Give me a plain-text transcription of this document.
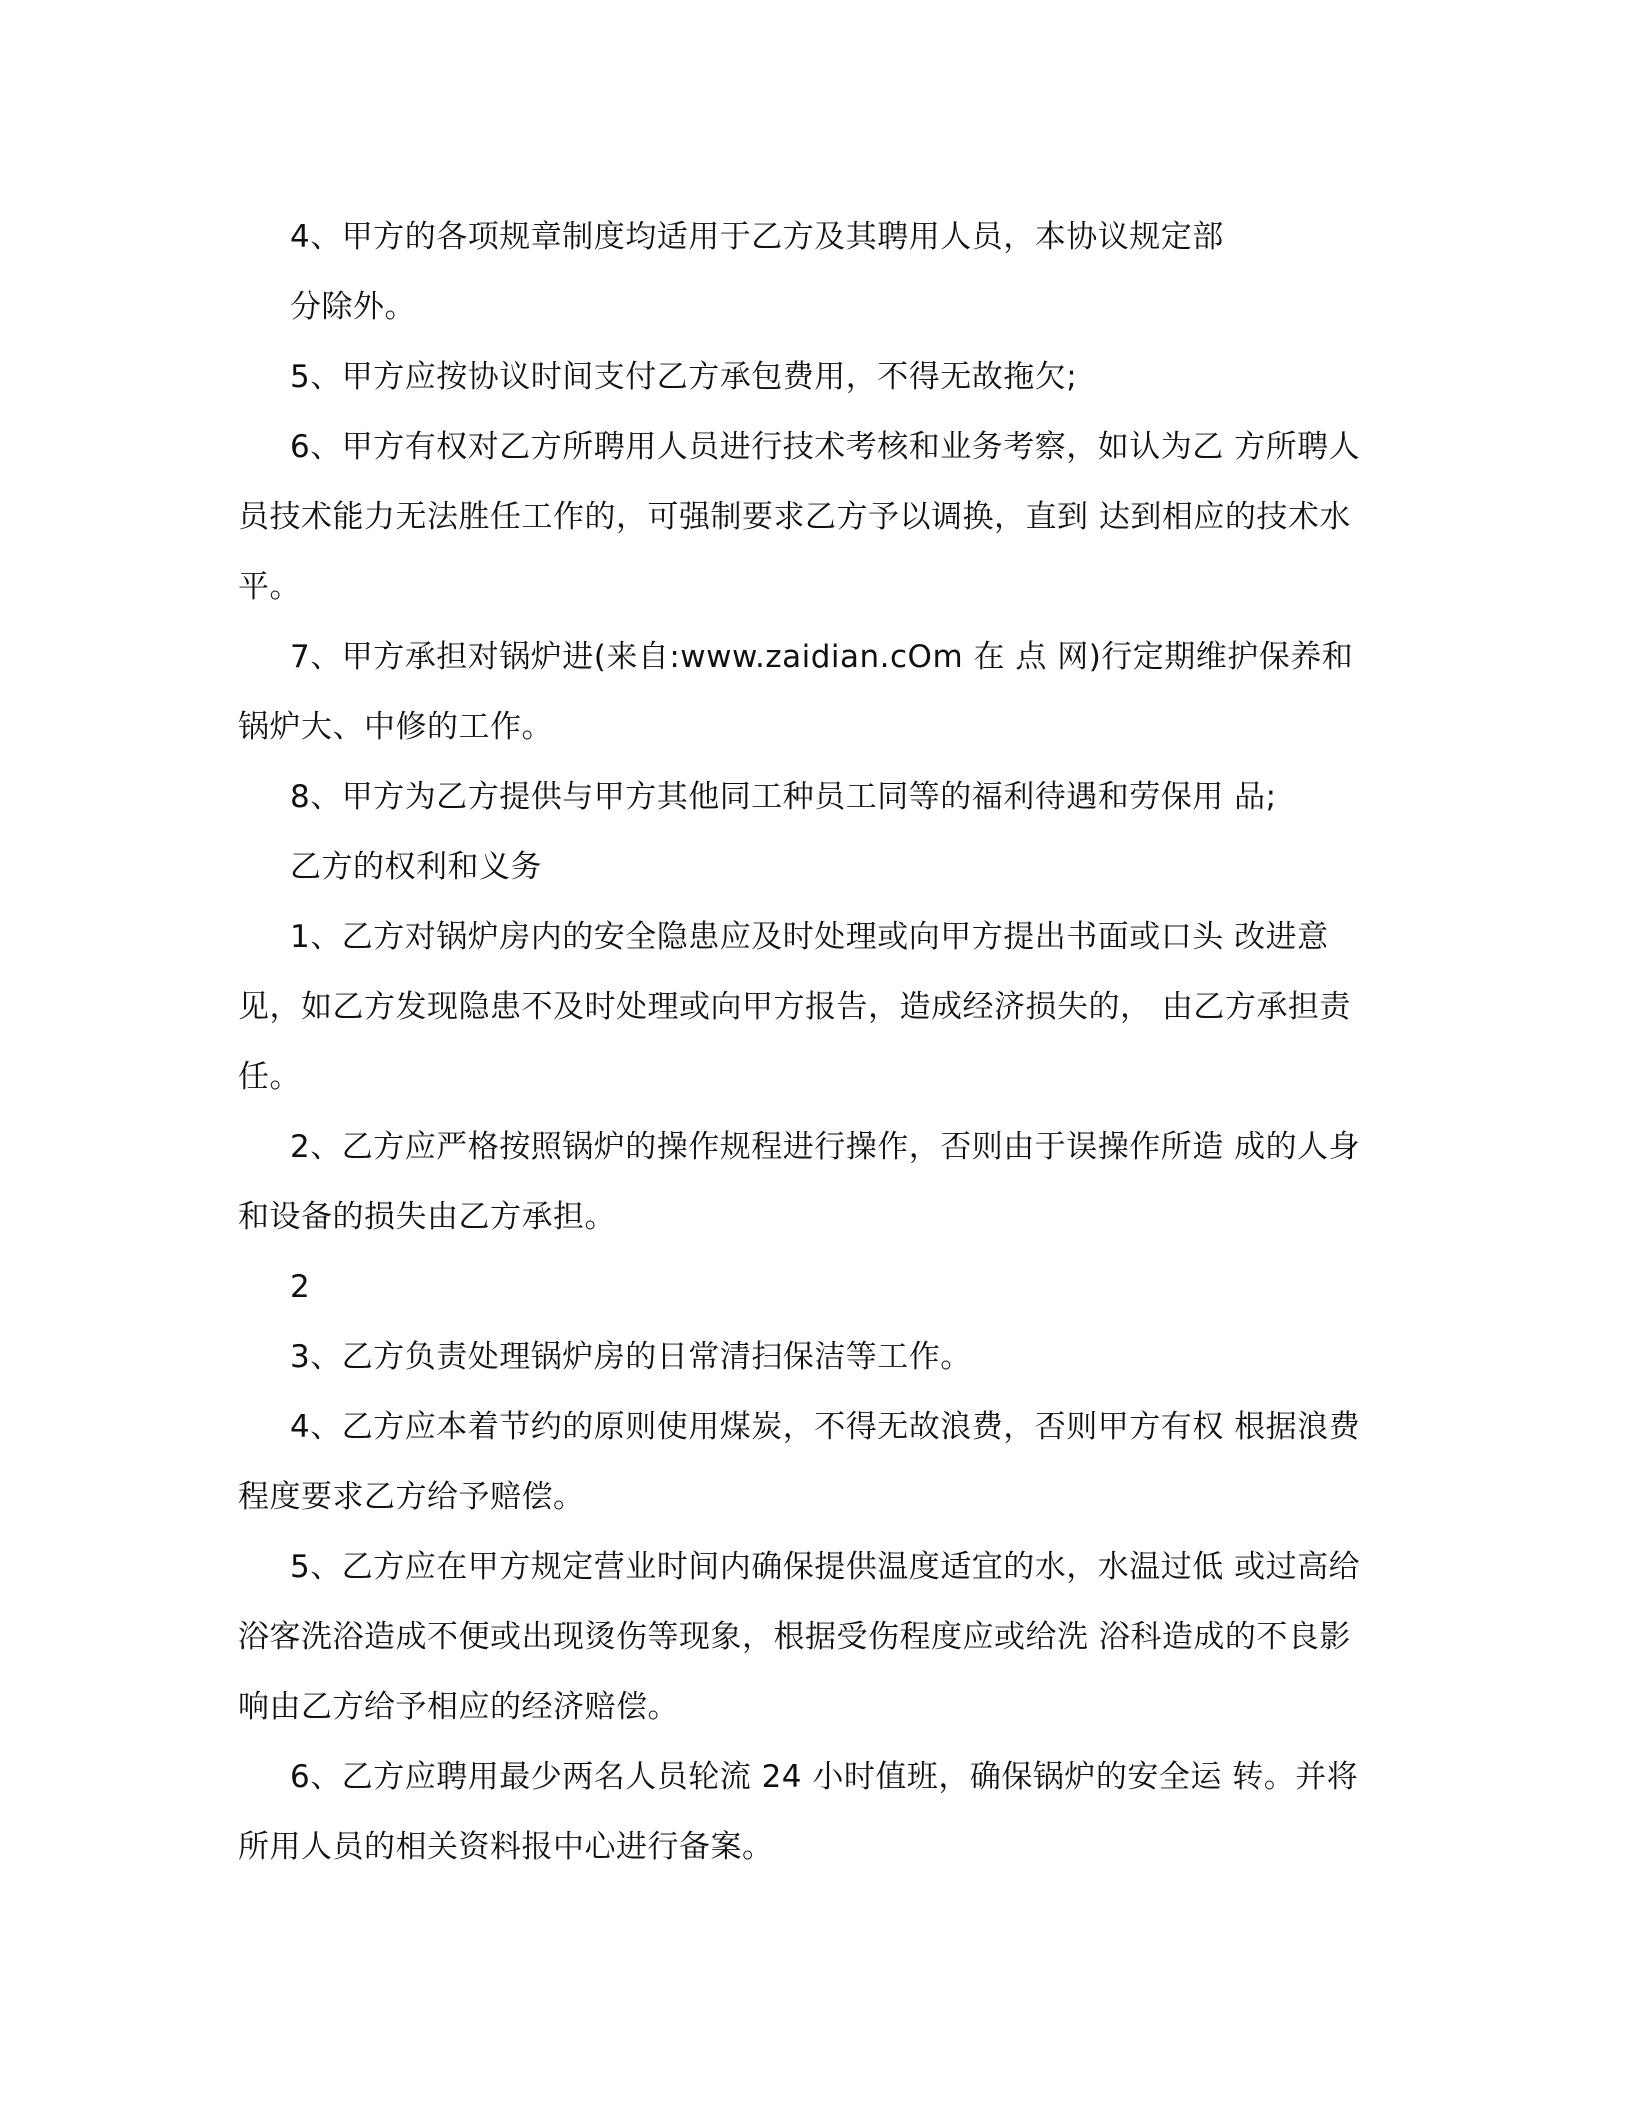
4、甲方的各项规章制度均适用于乙方及其聘用人员，本协议规定部

分除外。

5、甲方应按协议时间支付乙方承包费用，不得无故拖欠;

6、甲方有权对乙方所聘用人员进行技术考核和业务考察，如认为乙 方所聘人员技术能力无法胜任工作的，可强制要求乙方予以调换，直到 达到相应的技术水平。

7、甲方承担对锅炉进(来自:www.zaidian.cOm 在 点 网)行定期维护保养和锅炉大、中修的工作。

8、甲方为乙方提供与甲方其他同工种员工同等的福利待遇和劳保用 品;

乙方的权利和义务

1、乙方对锅炉房内的安全隐患应及时处理或向甲方提出书面或口头 改进意见，如乙方发现隐患不及时处理或向甲方报告，造成经济损失的， 由乙方承担责任。

2、乙方应严格按照锅炉的操作规程进行操作，否则由于误操作所造 成的人身和设备的损失由乙方承担。

2

3、乙方负责处理锅炉房的日常清扫保洁等工作。

4、乙方应本着节约的原则使用煤炭，不得无故浪费，否则甲方有权 根据浪费程度要求乙方给予赔偿。

5、乙方应在甲方规定营业时间内确保提供温度适宜的水，水温过低 或过高给浴客洗浴造成不便或出现烫伤等现象，根据受伤程度应或给洗 浴科造成的不良影响由乙方给予相应的经济赔偿。

6、乙方应聘用最少两名人员轮流 24 小时值班，确保锅炉的安全运 转。并将所用人员的相关资料报中心进行备案。
